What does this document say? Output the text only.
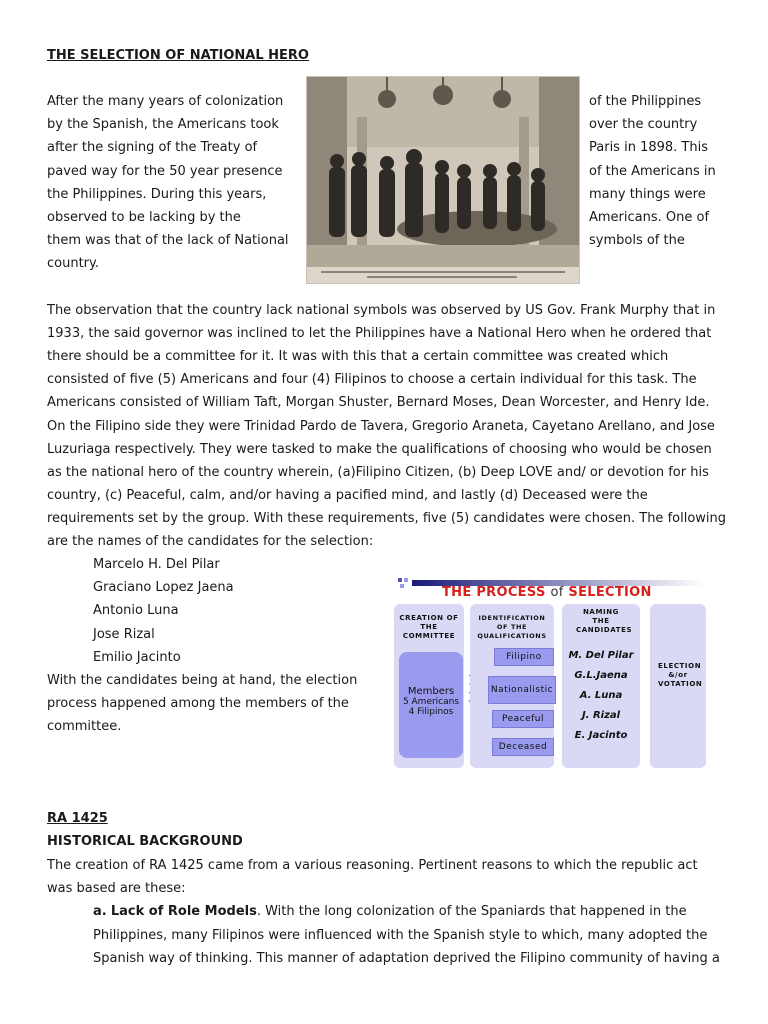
THE SELECTION OF NATIONAL HERO
After the many years of colonization
by the Spanish, the Americans took
after the signing of the Treaty of
paved way for the 50 year presence
the Philippines. During this years,
observed to be lacking by the
them was that of the lack of National
country.
of the Philippines
over the country
Paris in 1898. This
of the Americans in
many things were
Americans. One of
symbols of the
The observation that the country lack national symbols was observed by US Gov. Frank Murphy that in
1933, the said governor was inclined to let the Philippines have a National Hero when he ordered that
there should be a committee for it. It was with this that a certain committee was created which
consisted of five (5) Americans and four (4) Filipinos to choose a certain individual for this task. The
Americans consisted of William Taft, Morgan Shuster, Bernard Moses, Dean Worcester, and Henry Ide.
On the Filipino side they were Trinidad Pardo de Tavera, Gregorio Araneta, Cayetano Arellano, and Jose
Luzuriaga respectively. They were tasked to make the qualifications of choosing who would be chosen
as the national hero of the country wherein, (a)Filipino Citizen, (b) Deep LOVE and/ or devotion for his
country, (c) Peaceful, calm, and/or having a pacified mind, and lastly (d) Deceased were the
requirements set by the group. With these requirements, five (5) candidates were chosen. The following
are the names of the candidates for the selection:
Marcelo H. Del Pilar
Graciano Lopez Jaena
Antonio Luna
Jose Rizal
Emilio Jacinto
With the candidates being at hand, the election
process happened among the members of the
committee.
THE PROCESS of SELECTION
CREATION OF THE COMMITTEE
Members
5 Americans
4 Filipinos
IDENTIFICATION OF THE QUALIFICATIONS
Filipino
Nationalistic
Peaceful
Deceased
NAMING THE CANDIDATES
M. Del Pilar
G.L.Jaena
A. Luna
J. Rizal
E. Jacinto
ELECTION &/or VOTATION
RA 1425
HISTORICAL BACKGROUND
The creation of RA 1425 came from a various reasoning. Pertinent reasons to which the republic act
was based are these:
a. Lack of Role Models. With the long colonization of the Spaniards that happened in the
Philippines, many Filipinos were influenced with the Spanish style to which, many adopted the
Spanish way of thinking. This manner of adaptation deprived the Filipino community of having a
